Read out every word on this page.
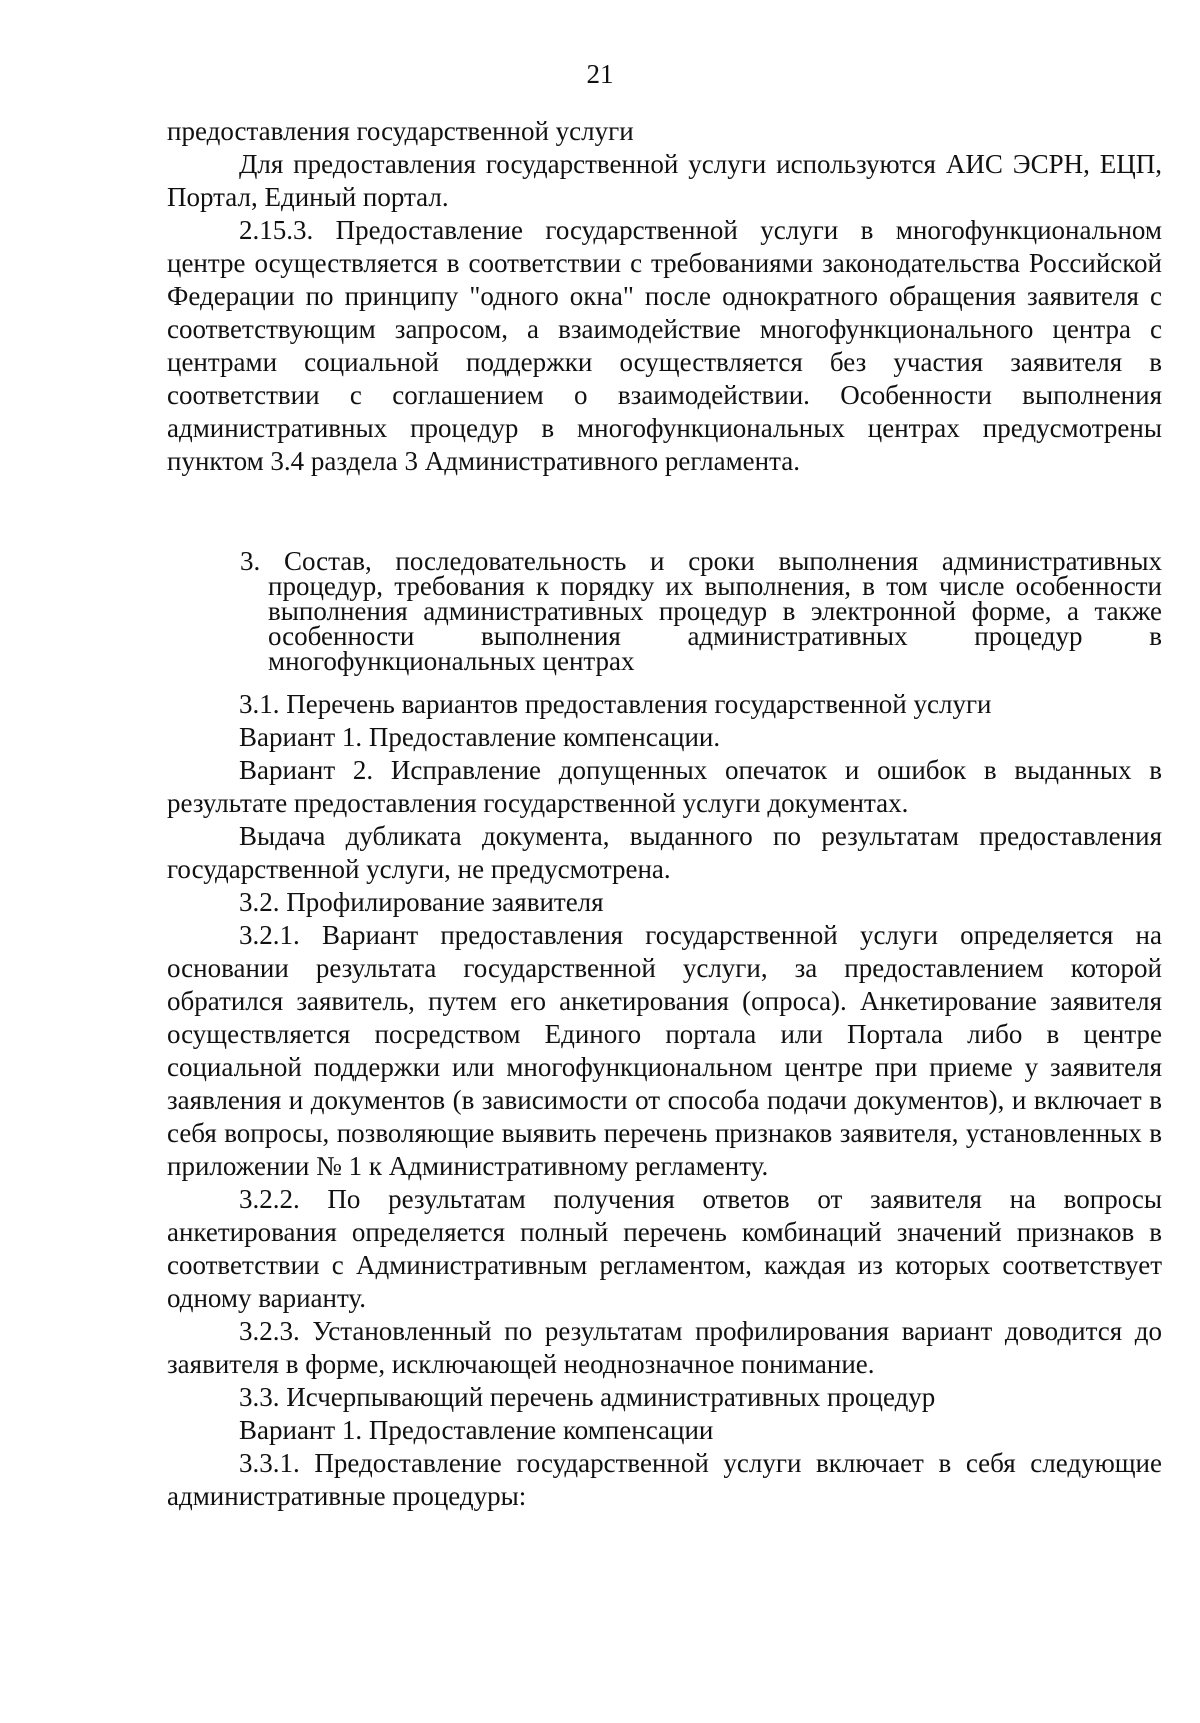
21

предоставления государственной услуги

Для предоставления государственной услуги используются АИС ЭСРН, ЕЦП, Портал, Единый портал.

2.15.3. Предоставление государственной услуги в многофункциональном центре осуществляется в соответствии с требованиями законодательства Российской Федерации по принципу "одного окна" после однократного обращения заявителя с соответствующим запросом, а взаимодействие многофункционального центра с центрами социальной поддержки осуществляется без участия заявителя в соответствии с соглашением о взаимодействии. Особенности выполнения административных процедур в многофункциональных центрах предусмотрены пунктом 3.4 раздела 3 Административного регламента.

3. Состав, последовательность и сроки выполнения административных процедур, требования к порядку их выполнения, в том числе особенности выполнения административных процедур в электронной форме, а также особенности выполнения административных процедур в многофункциональных центрах

3.1. Перечень вариантов предоставления государственной услуги

Вариант 1. Предоставление компенсации.

Вариант 2. Исправление допущенных опечаток и ошибок в выданных в результате предоставления государственной услуги документах.

Выдача дубликата документа, выданного по результатам предоставления государственной услуги, не предусмотрена.

3.2. Профилирование заявителя

3.2.1. Вариант предоставления государственной услуги определяется на основании результата государственной услуги, за предоставлением которой обратился заявитель, путем его анкетирования (опроса). Анкетирование заявителя осуществляется посредством Единого портала или Портала либо в центре социальной поддержки или многофункциональном центре при приеме у заявителя заявления и документов (в зависимости от способа подачи документов), и включает в себя вопросы, позволяющие выявить перечень признаков заявителя, установленных в приложении № 1 к Административному регламенту.

3.2.2. По результатам получения ответов от заявителя на вопросы анкетирования определяется полный перечень комбинаций значений признаков в соответствии с Административным регламентом, каждая из которых соответствует одному варианту.

3.2.3. Установленный по результатам профилирования вариант доводится до заявителя в форме, исключающей неоднозначное понимание.

3.3. Исчерпывающий перечень административных процедур

Вариант 1. Предоставление компенсации

3.3.1. Предоставление государственной услуги включает в себя следующие административные процедуры:
